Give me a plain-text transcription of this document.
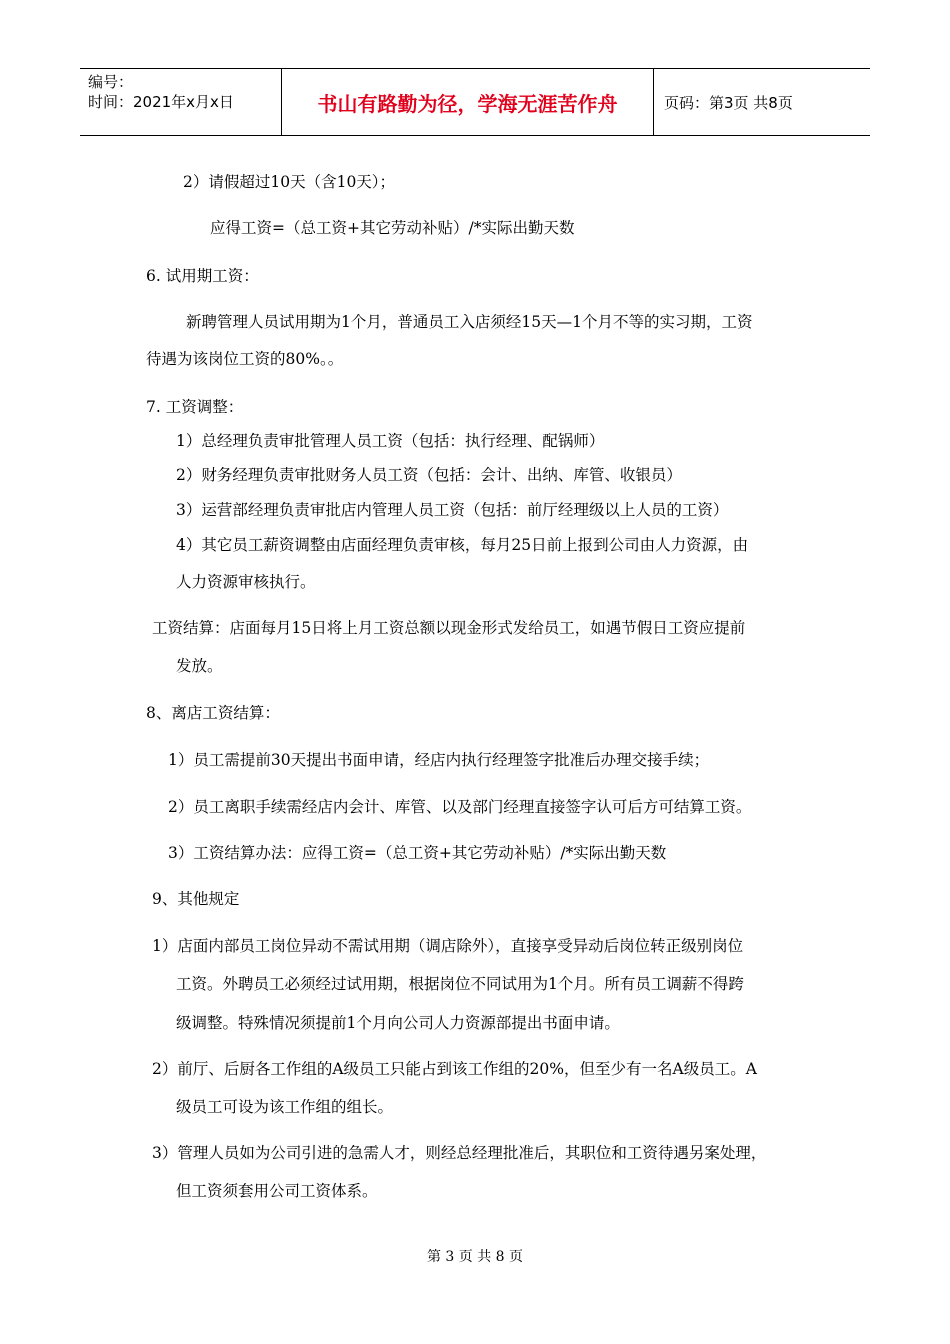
编号：
时间：2021年x月x日	书山有路勤为径，学海无涯苦作舟	页码：第3页 共8页
2）请假超过10天（含10天）；
应得工资=（总工资+其它劳动补贴）/*实际出勤天数
6. 试用期工资：
新聘管理人员试用期为1个月，普通员工入店须经15天—1个月不等的实习期，工资
待遇为该岗位工资的80%。。
7. 工资调整：
1）总经理负责审批管理人员工资（包括：执行经理、配锅师）
2）财务经理负责审批财务人员工资（包括：会计、出纳、库管、收银员）
3）运营部经理负责审批店内管理人员工资（包括：前厅经理级以上人员的工资）
4）其它员工薪资调整由店面经理负责审核，每月25日前上报到公司由人力资源，由
人力资源审核执行。
工资结算：店面每月15日将上月工资总额以现金形式发给员工，如遇节假日工资应提前
发放。
8、离店工资结算：
1）员工需提前30天提出书面申请，经店内执行经理签字批准后办理交接手续；
2）员工离职手续需经店内会计、库管、以及部门经理直接签字认可后方可结算工资。
3）工资结算办法：应得工资=（总工资+其它劳动补贴）/*实际出勤天数
9、其他规定
1）店面内部员工岗位异动不需试用期（调店除外），直接享受异动后岗位转正级别岗位
工资。外聘员工必须经过试用期，根据岗位不同试用为1个月。所有员工调薪不得跨
级调整。特殊情况须提前1个月向公司人力资源部提出书面申请。
2）前厅、后厨各工作组的A级员工只能占到该工作组的20%，但至少有一名A级员工。A
级员工可设为该工作组的组长。
3）管理人员如为公司引进的急需人才，则经总经理批准后，其职位和工资待遇另案处理，
但工资须套用公司工资体系。
第 3 页 共 8 页
